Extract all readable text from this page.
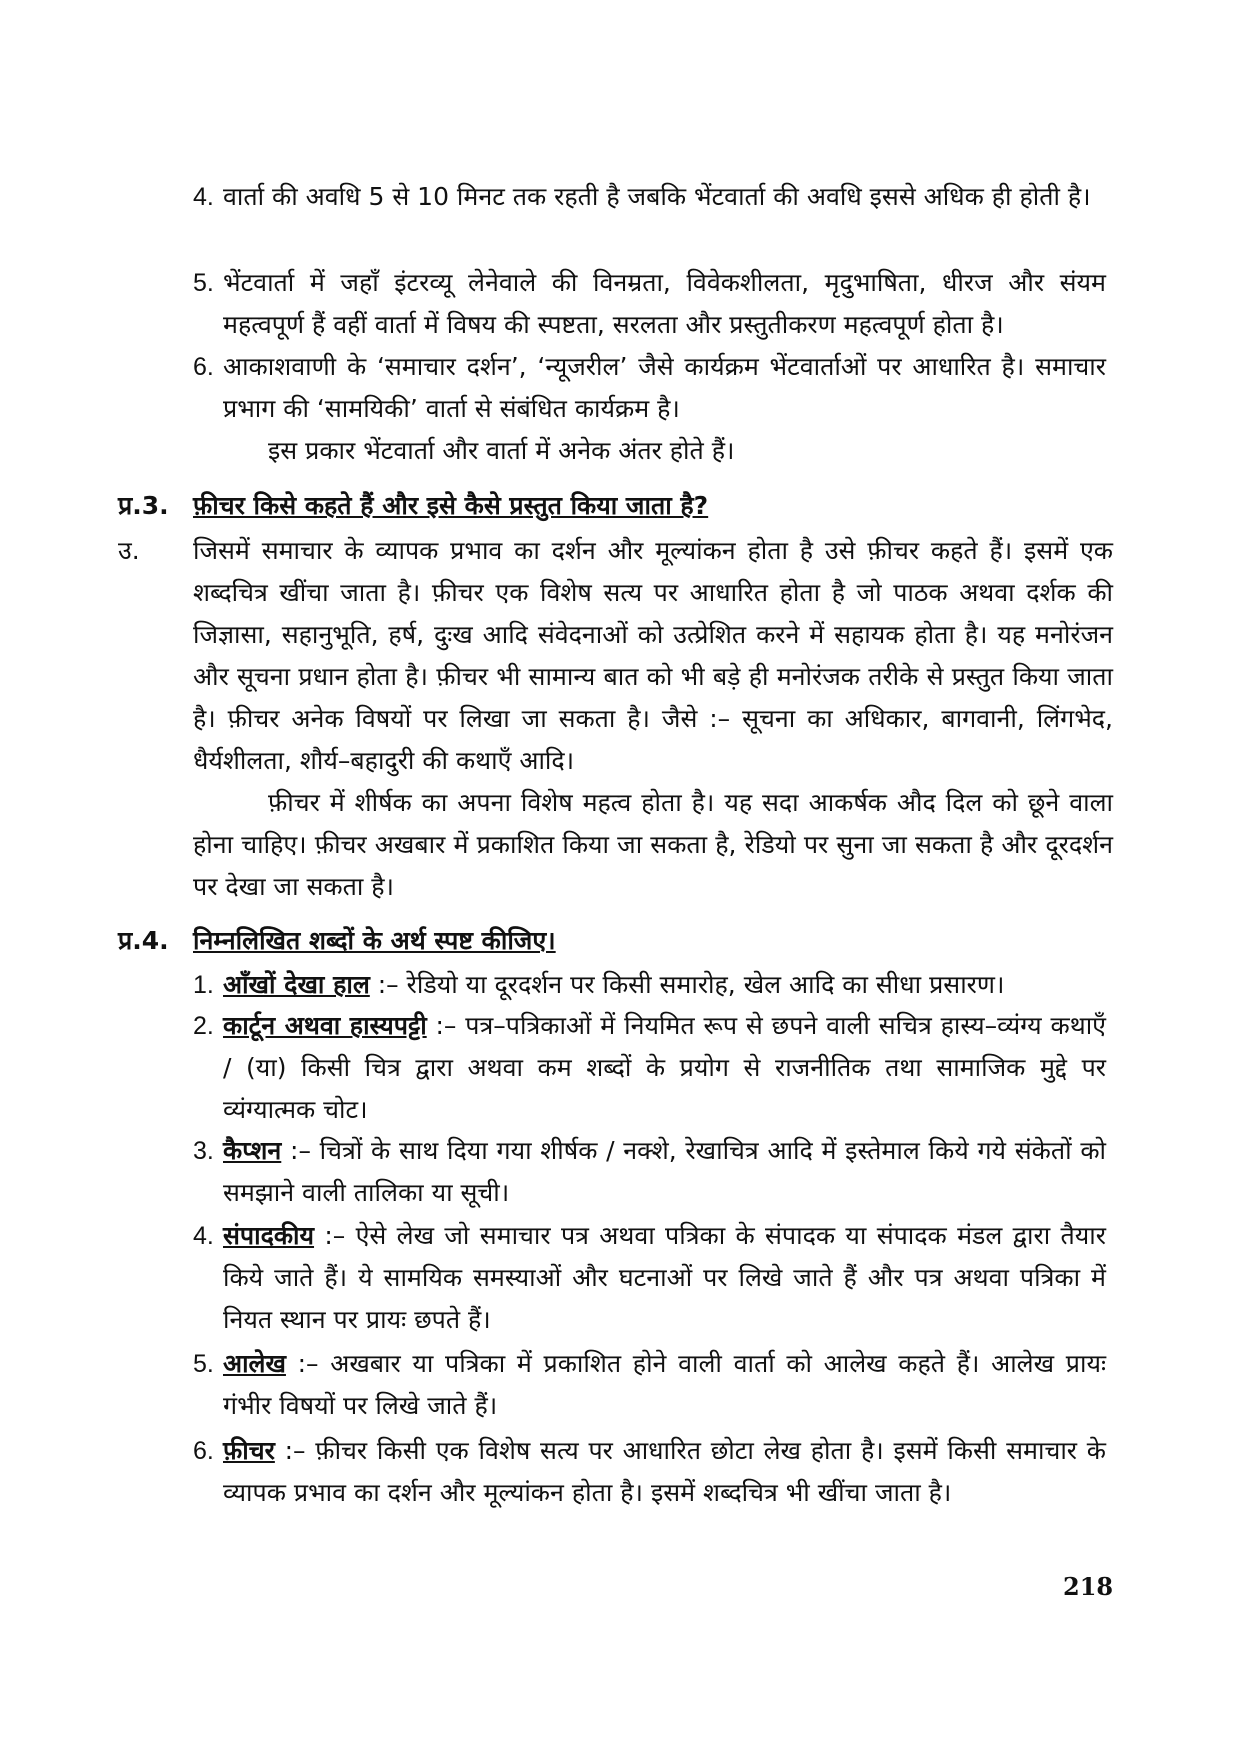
4. वार्ता की अवधि 5 से 10 मिनट तक रहती है जबकि भेंटवार्ता की अवधि इससे अधिक ही होती है।
5. भेंटवार्ता में जहाँ इंटरव्यू लेनेवाले की विनम्रता, विवेकशीलता, मृदुभाषिता, धीरज और संयम महत्वपूर्ण हैं वहीं वार्ता में विषय की स्पष्टता, सरलता और प्रस्तुतीकरण महत्वपूर्ण होता है।
6. आकाशवाणी के ‘समाचार दर्शन’, ‘न्यूजरील’ जैसे कार्यक्रम भेंटवार्ताओं पर आधारित है। समाचार प्रभाग की ‘सामयिकी’ वार्ता से संबंधित कार्यक्रम है।
इस प्रकार भेंटवार्ता और वार्ता में अनेक अंतर होते हैं।
प्र.3. फ़ीचर किसे कहते हैं और इसे कैसे प्रस्तुत किया जाता है?
उ. जिसमें समाचार के व्यापक प्रभाव का दर्शन और मूल्यांकन होता है उसे फ़ीचर कहते हैं। इसमें एक शब्दचित्र खींचा जाता है। फ़ीचर एक विशेष सत्य पर आधारित होता है जो पाठक अथवा दर्शक की जिज्ञासा, सहानुभूति, हर्ष, दुःख आदि संवेदनाओं को उत्प्रेशित करने में सहायक होता है। यह मनोरंजन और सूचना प्रधान होता है। फ़ीचर भी सामान्य बात को भी बड़े ही मनोरंजक तरीके से प्रस्तुत किया जाता है। फ़ीचर अनेक विषयों पर लिखा जा सकता है। जैसे :– सूचना का अधिकार, बागवानी, लिंगभेद, धैर्यशीलता, शौर्य–बहादुरी की कथाएँ आदि।
फ़ीचर में शीर्षक का अपना विशेष महत्व होता है। यह सदा आकर्षक औद दिल को छूने वाला होना चाहिए। फ़ीचर अखबार में प्रकाशित किया जा सकता है, रेडियो पर सुना जा सकता है और दूरदर्शन पर देखा जा सकता है।
प्र.4. निम्नलिखित शब्दों के अर्थ स्पष्ट कीजिए।
1. आँखों देखा हाल :– रेडियो या दूरदर्शन पर किसी समारोह, खेल आदि का सीधा प्रसारण।
2. कार्टून अथवा हास्यपट्टी :– पत्र–पत्रिकाओं में नियमित रूप से छपने वाली सचित्र हास्य–व्यंग्य कथाएँ / (या) किसी चित्र द्वारा अथवा कम शब्दों के प्रयोग से राजनीतिक तथा सामाजिक मुद्दे पर व्यंग्यात्मक चोट।
3. कैप्शन :– चित्रों के साथ दिया गया शीर्षक / नक्शे, रेखाचित्र आदि में इस्तेमाल किये गये संकेतों को समझाने वाली तालिका या सूची।
4. संपादकीय :– ऐसे लेख जो समाचार पत्र अथवा पत्रिका के संपादक या संपादक मंडल द्वारा तैयार किये जाते हैं। ये सामयिक समस्याओं और घटनाओं पर लिखे जाते हैं और पत्र अथवा पत्रिका में नियत स्थान पर प्रायः छपते हैं।
5. आलेख :– अखबार या पत्रिका में प्रकाशित होने वाली वार्ता को आलेख कहते हैं। आलेख प्रायः गंभीर विषयों पर लिखे जाते हैं।
6. फ़ीचर :– फ़ीचर किसी एक विशेष सत्य पर आधारित छोटा लेख होता है। इसमें किसी समाचार के व्यापक प्रभाव का दर्शन और मूल्यांकन होता है। इसमें शब्दचित्र भी खींचा जाता है।
218
